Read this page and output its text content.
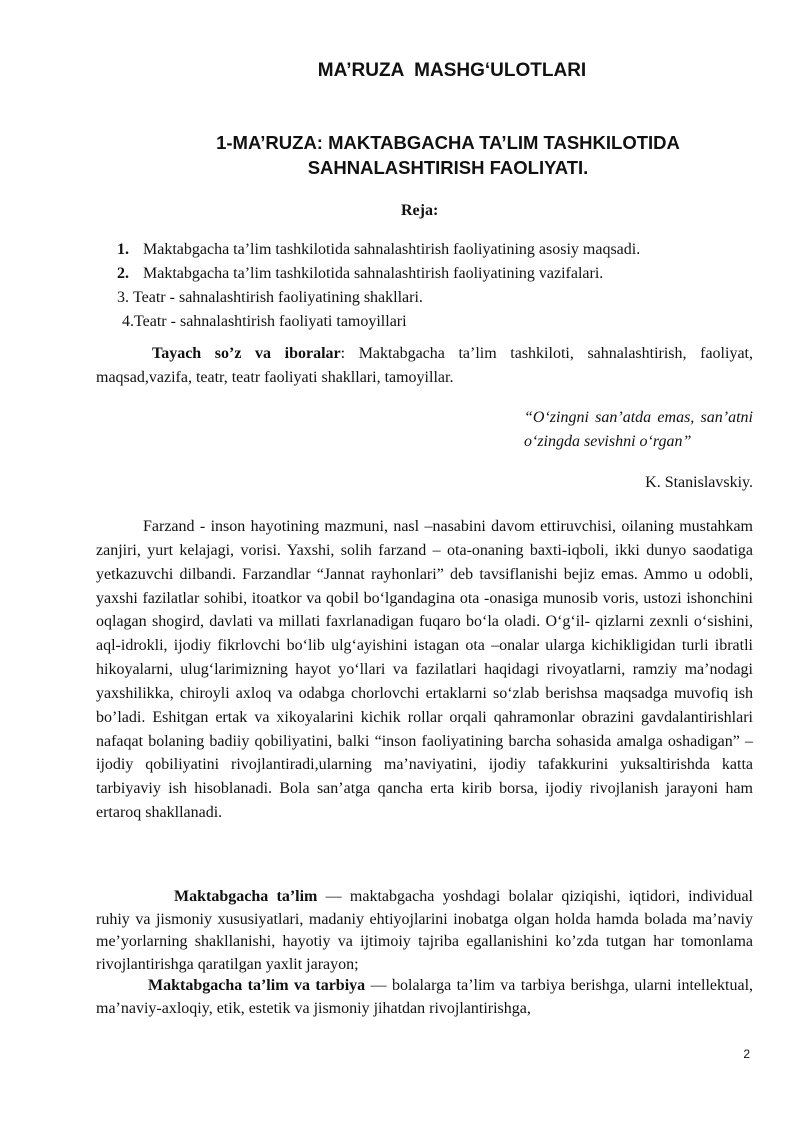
MA’RUZA  MASHG‘ULOTLARI
1-MA’RUZA: MAKTABGACHA TA’LIM TASHKILOTIDA
SAHNALASHTIRISH FAOLIYATI.
Reja:
1. Maktabgacha ta’lim tashkilotida sahnalashtirish faoliyatining asosiy maqsadi.
2. Maktabgacha ta’lim tashkilotida sahnalashtirish faoliyatining vazifalari.
3. Teatr - sahnalashtirish faoliyatining shakllari.
4.Teatr - sahnalashtirish faoliyati tamoyillari
Tayach so’z va iboralar: Maktabgacha ta’lim tashkiloti, sahnalashtirish, faoliyat, maqsad,vazifa, teatr, teatr faoliyati shakllari, tamoyillar.
“O‘zingni san’atda emas, san’atni o‘zingda sevishni o‘rgan”
K. Stanislavskiy.
Farzand - inson hayotining mazmuni, nasl –nasabini davom ettiruvchisi, oilaning mustahkam zanjiri, yurt kelajagi, vorisi. Yaxshi, solih farzand – ota-onaning baxti-iqboli, ikki dunyo saodatiga yetkazuvchi dilbandi. Farzandlar “Jannat rayhonlari” deb tavsiflanishi bejiz emas. Ammo u odobli, yaxshi fazilatlar sohibi, itoatkor va qobil bo‘lgandagina ota -onasiga munosib voris, ustozi ishonchini oqlagan shogird, davlati va millati faxrlanadigan fuqaro bo‘la oladi. O‘g‘il- qizlarni zexnli o‘sishini, aql-idrokli, ijodiy fikrlovchi bo‘lib ulg‘ayishini istagan ota –onalar ularga kichikligidan turli ibratli hikoyalarni, ulug‘larimizning hayot yo‘llari va fazilatlari haqidagi rivoyatlarni, ramziy ma’nodagi yaxshilikka, chiroyli axloq va odabga chorlovchi ertaklarni so‘zlab berishsa maqsadga muvofiq ish bo’ladi. Eshitgan ertak va xikoyalarini kichik rollar orqali qahramonlar obrazini gavdalantirishlari nafaqat bolaning badiiy qobiliyatini, balki “inson faoliyatining barcha sohasida amalga oshadigan” – ijodiy qobiliyatini rivojlantiradi,ularning ma’naviyatini, ijodiy tafakkurini yuksaltirishda katta tarbiyaviy ish hisoblanadi. Bola san’atga qancha erta kirib borsa, ijodiy rivojlanish jarayoni ham ertaroq shakllanadi.
Maktabgacha ta’lim — maktabgacha yoshdagi bolalar qiziqishi, iqtidori, individual ruhiy va jismoniy xususiyatlari, madaniy ehtiyojlarini inobatga olgan holda hamda bolada ma’naviy me’yorlarning shakllanishi, hayotiy va ijtimoiy tajriba egallanishini ko’zda tutgan har tomonlama rivojlantirishga qaratilgan yaxlit jarayon;
Maktabgacha ta’lim va tarbiya — bolalarga ta’lim va tarbiya berishga, ularni intellektual, ma’naviy-axloqiy, etik, estetik va jismoniy jihatdan rivojlantirishga,
2
